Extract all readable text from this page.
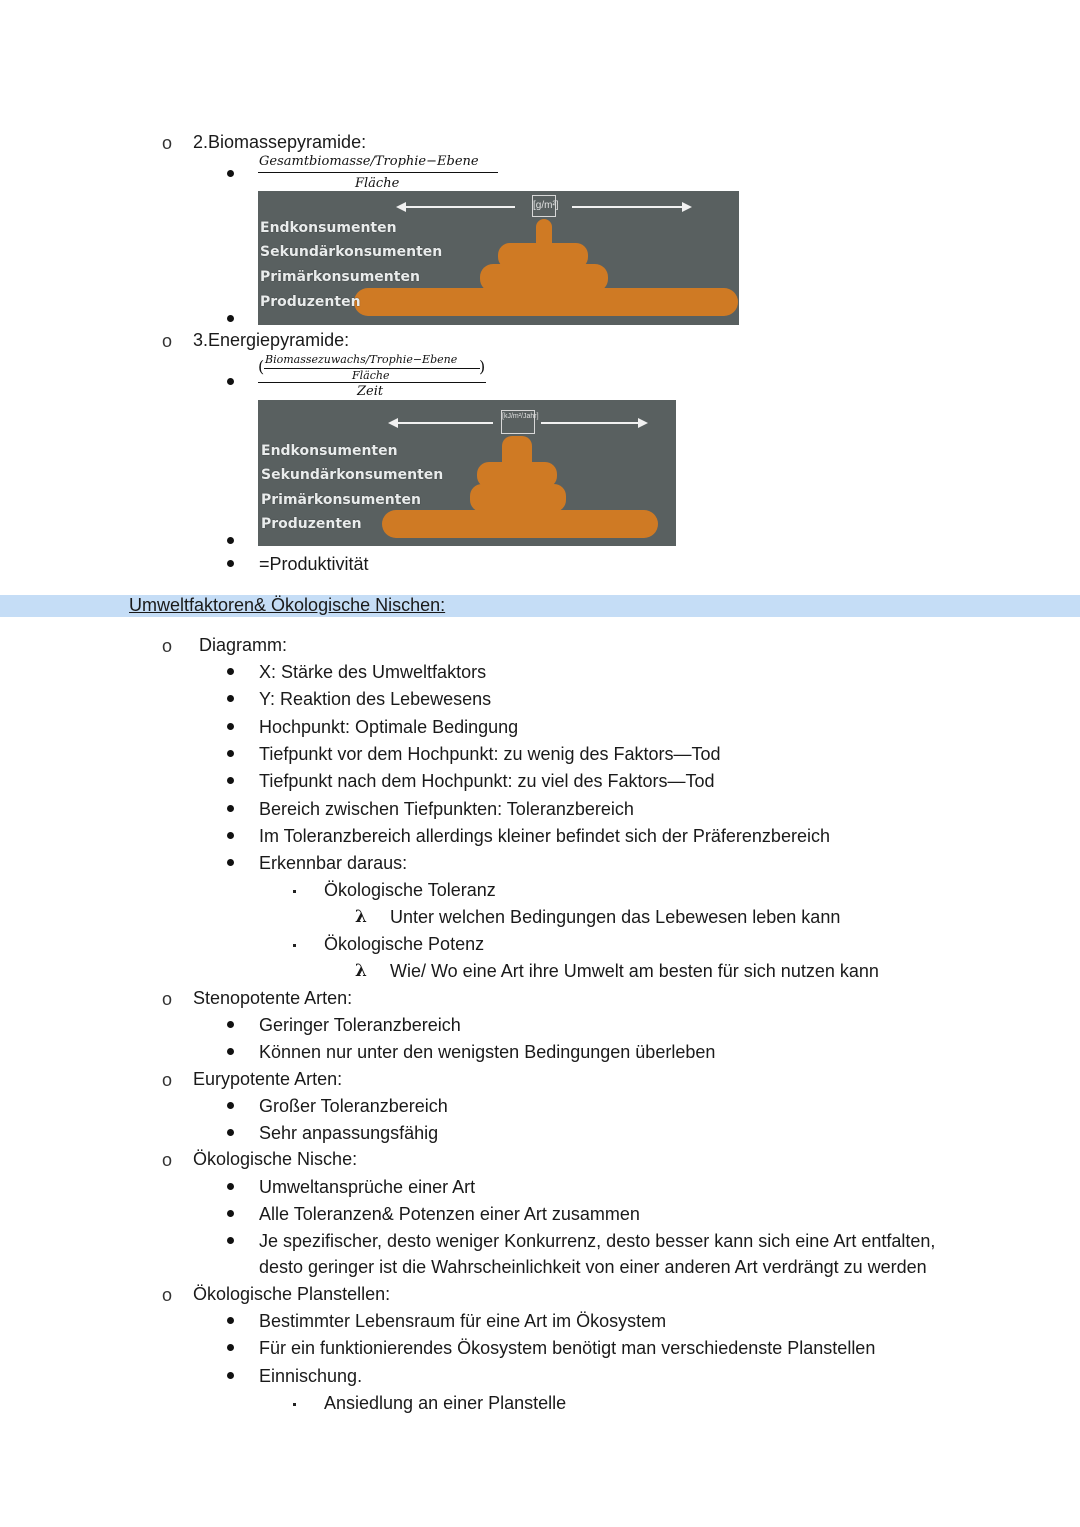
o 2.Biomassepyramide:
Gesamtbiomasse/Trophie−Ebene
Fläche
[g/m²]
Endkonsumenten
Sekundärkonsumenten
Primärkonsumenten
Produzenten
o 3.Energiepyramide:
( Biomassezuwachs/Trophie−Ebene
Fläche	)
Zeit
[kJ/m²/Jahr]
Endkonsumenten
Sekundärkonsumenten
Primärkonsumenten
Produzenten
=Produktivität
Umweltfaktoren& Ökologische Nischen:
o Diagramm:
X: Stärke des Umweltfaktors
Y: Reaktion des Lebewesens
Hochpunkt: Optimale Bedingung
Tiefpunkt vor dem Hochpunkt: zu wenig des Faktors—Tod
Tiefpunkt nach dem Hochpunkt: zu viel des Faktors—Tod
Bereich zwischen Tiefpunkten: Toleranzbereich
Im Toleranzbereich allerdings kleiner befindet sich der Präferenzbereich
Erkennbar daraus:
Ökologische Toleranz
λ Unter welchen Bedingungen das Lebewesen leben kann
Ökologische Potenz
λ Wie/ Wo eine Art ihre Umwelt am besten für sich nutzen kann
o Stenopotente Arten:
Geringer Toleranzbereich
Können nur unter den wenigsten Bedingungen überleben
o Eurypotente Arten:
Großer Toleranzbereich
Sehr anpassungsfähig
o Ökologische Nische:
Umweltansprüche einer Art
Alle Toleranzen& Potenzen einer Art zusammen
Je spezifischer, desto weniger Konkurrenz, desto besser kann sich eine Art entfalten,
desto geringer ist die Wahrscheinlichkeit von einer anderen Art verdrängt zu werden
o Ökologische Planstellen:
Bestimmter Lebensraum für eine Art im Ökosystem
Für ein funktionierendes Ökosystem benötigt man verschiedenste Planstellen
Einnischung.
Ansiedlung an einer Planstelle
